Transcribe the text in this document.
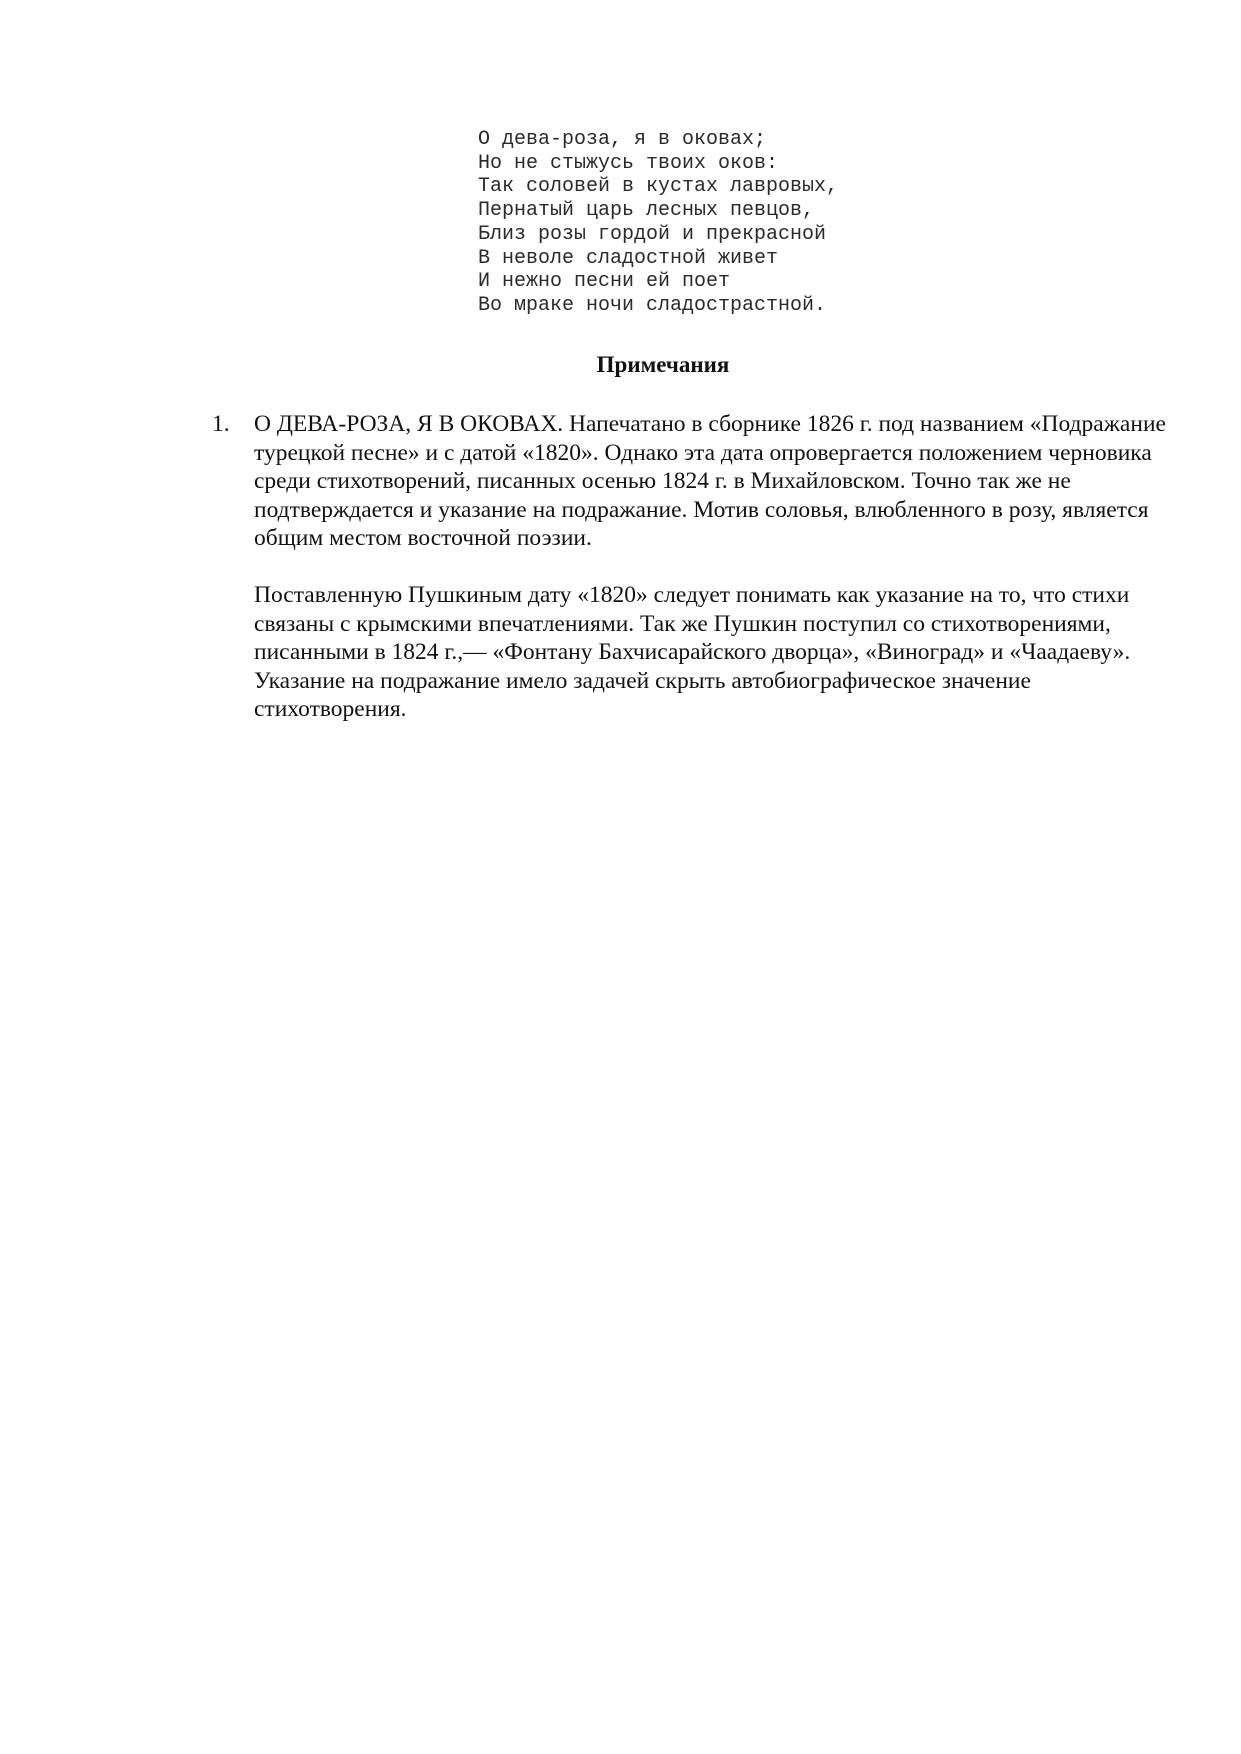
О дева-роза, я в оковах;
Но не стыжусь твоих оков:
Так соловей в кустах лавровых,
Пернатый царь лесных певцов,
Близ розы гордой и прекрасной
В неволе сладостной живет
И нежно песни ей поет
Во мраке ночи сладострастной.
Примечания
1. О ДЕВА-РОЗА, Я В ОКОВАХ. Напечатано в сборнике 1826 г. под названием «Подражание турецкой песне» и с датой «1820». Однако эта дата опровергается положением черновика среди стихотворений, писанных осенью 1824 г. в Михайловском. Точно так же не подтверждается и указание на подражание. Мотив соловья, влюбленного в розу, является общим местом восточной поэзии.

Поставленную Пушкиным дату «1820» следует понимать как указание на то, что стихи связаны с крымскими впечатлениями. Так же Пушкин поступил со стихотворениями, писанными в 1824 г.,— «Фонтану Бахчисарайского дворца», «Виноград» и «Чаадаеву». Указание на подражание имело задачей скрыть автобиографическое значение стихотворения.
